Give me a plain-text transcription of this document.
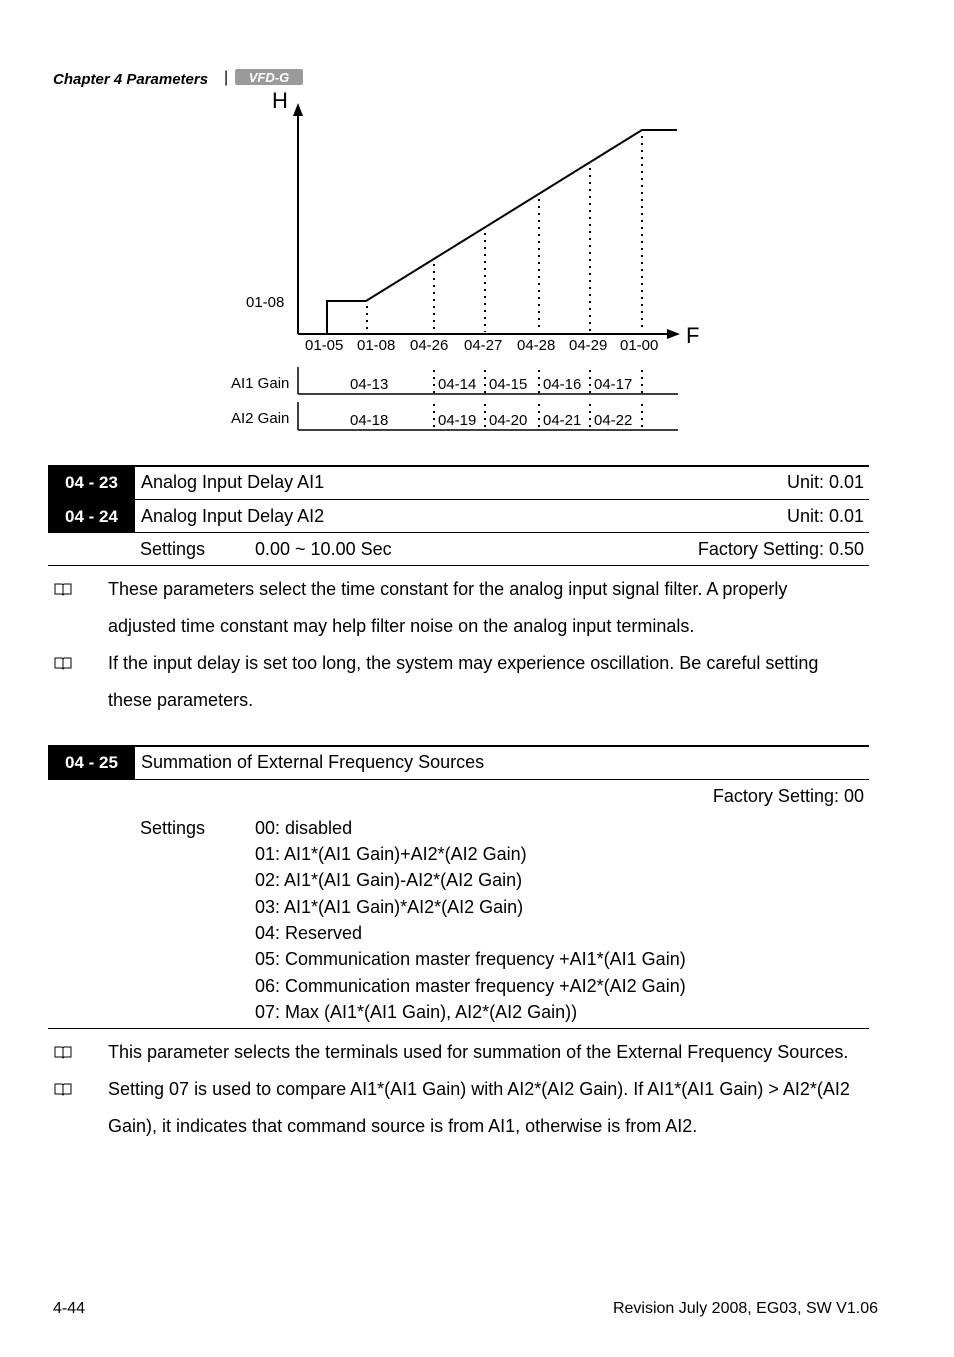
Chapter 4 Parameters | VFD-G
H
F
01-08
01-05 01-08 04-26 04-27 04-28 04-29 01-00
AI1 Gain
AI2 Gain
04-13	04-14 04-15 04-16 04-17
04-18	04-19 04-20 04-21 04-22
04 - 23	Analog Input Delay AI1	Unit: 0.01
04 - 24	Analog Input Delay AI2	Unit: 0.01
Settings	0.00 ~ 10.00 Sec	Factory Setting: 0.50
These parameters select the time constant for the analog input signal filter. A properly
adjusted time constant may help filter noise on the analog input terminals.
If the input delay is set too long, the system may experience oscillation. Be careful setting
these parameters.
04 - 25	Summation of External Frequency Sources
Factory Setting: 00
Settings	00: disabled
01: AI1*(AI1 Gain)+AI2*(AI2 Gain)
02: AI1*(AI1 Gain)-AI2*(AI2 Gain)
03: AI1*(AI1 Gain)*AI2*(AI2 Gain)
04: Reserved
05: Communication master frequency +AI1*(AI1 Gain)
06: Communication master frequency +AI2*(AI2 Gain)
07: Max (AI1*(AI1 Gain), AI2*(AI2 Gain))
This parameter selects the terminals used for summation of the External Frequency Sources.
Setting 07 is used to compare AI1*(AI1 Gain) with AI2*(AI2 Gain). If AI1*(AI1 Gain) > AI2*(AI2
Gain), it indicates that command source is from AI1, otherwise is from AI2.
4-44	Revision July 2008, EG03, SW V1.06
